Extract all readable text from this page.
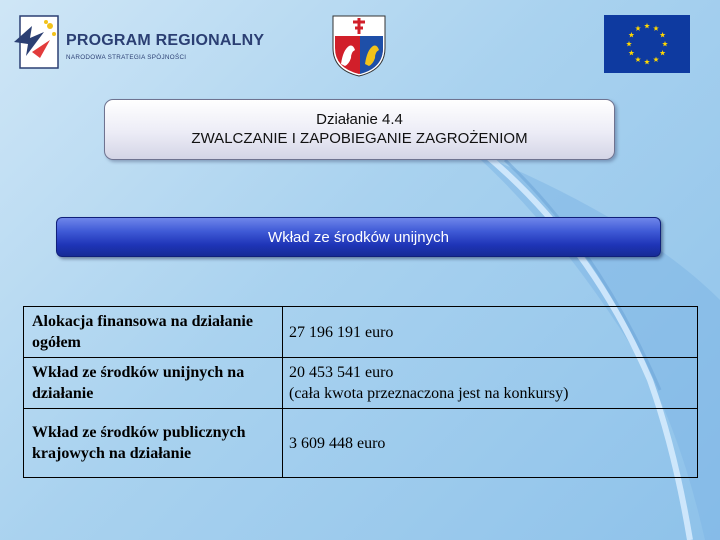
PROGRAM REGIONALNY
NARODOWA STRATEGIA SPÓJNOŚCI
Działanie 4.4
ZWALCZANIE I ZAPOBIEGANIE ZAGROŻENIOM
Wkład ze środków unijnych
Alokacja finansowa na działanie ogółem	27 196 191 euro

Wkład ze środków unijnych na działanie	20 453 541 euro
(cała kwota przeznaczona jest na konkursy)

Wkład ze środków publicznych krajowych na działanie	3 609 448 euro
